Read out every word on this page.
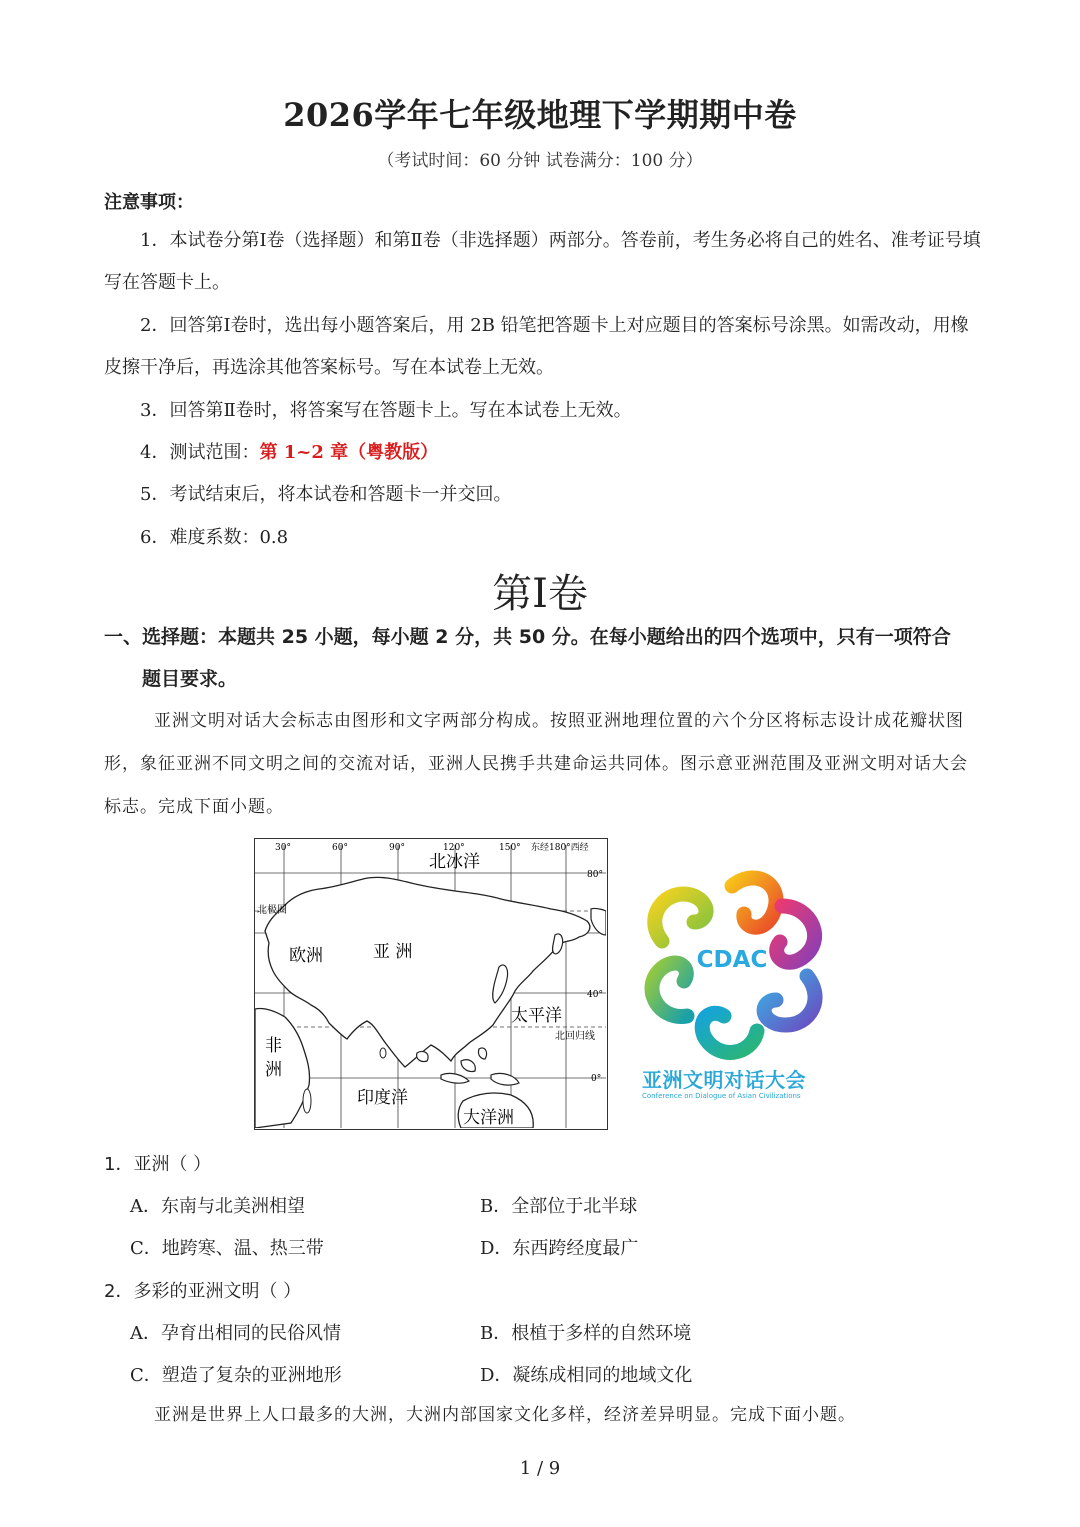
2026学年七年级地理下学期期中卷
（考试时间：60 分钟 试卷满分：100 分）
注意事项：
1．本试卷分第Ⅰ卷（选择题）和第Ⅱ卷（非选择题）两部分。答卷前，考生务必将自己的姓名、准考证号填写在答题卡上。
2．回答第Ⅰ卷时，选出每小题答案后，用 2B 铅笔把答题卡上对应题目的答案标号涂黑。如需改动，用橡皮擦干净后，再选涂其他答案标号。写在本试卷上无效。
3．回答第Ⅱ卷时，将答案写在答题卡上。写在本试卷上无效。
4．测试范围：第 1~2 章（粤教版）
5．考试结束后，将本试卷和答题卡一并交回。
6．难度系数：0.8
第Ⅰ卷
一、选择题：本题共 25 小题，每小题 2 分，共 50 分。在每小题给出的四个选项中，只有一项符合
题目要求。
亚洲文明对话大会标志由图形和文字两部分构成。按照亚洲地理位置的六个分区将标志设计成花瓣状图形，象征亚洲不同文明之间的交流对话，亚洲人民携手共建命运共同体。图示意亚洲范围及亚洲文明对话大会标志。完成下面小题。
30°	60°	90°	120°	150° 东经180°西经
80°
40°
0°
北极圈
北回归线
北冰洋
欧洲	亚 洲
太平洋
非
洲
印度洋
大洋洲
CDAC
亚洲文明对话大会
Conference on Dialogue of Asian Civilizations
1．亚洲（ ）
A．东南与北美洲相望	B．全部位于北半球
C．地跨寒、温、热三带	D．东西跨经度最广
2．多彩的亚洲文明（ ）
A．孕育出相同的民俗风情	B．根植于多样的自然环境
C．塑造了复杂的亚洲地形	D．凝练成相同的地域文化
亚洲是世界上人口最多的大洲，大洲内部国家文化多样，经济差异明显。完成下面小题。
1 / 9
